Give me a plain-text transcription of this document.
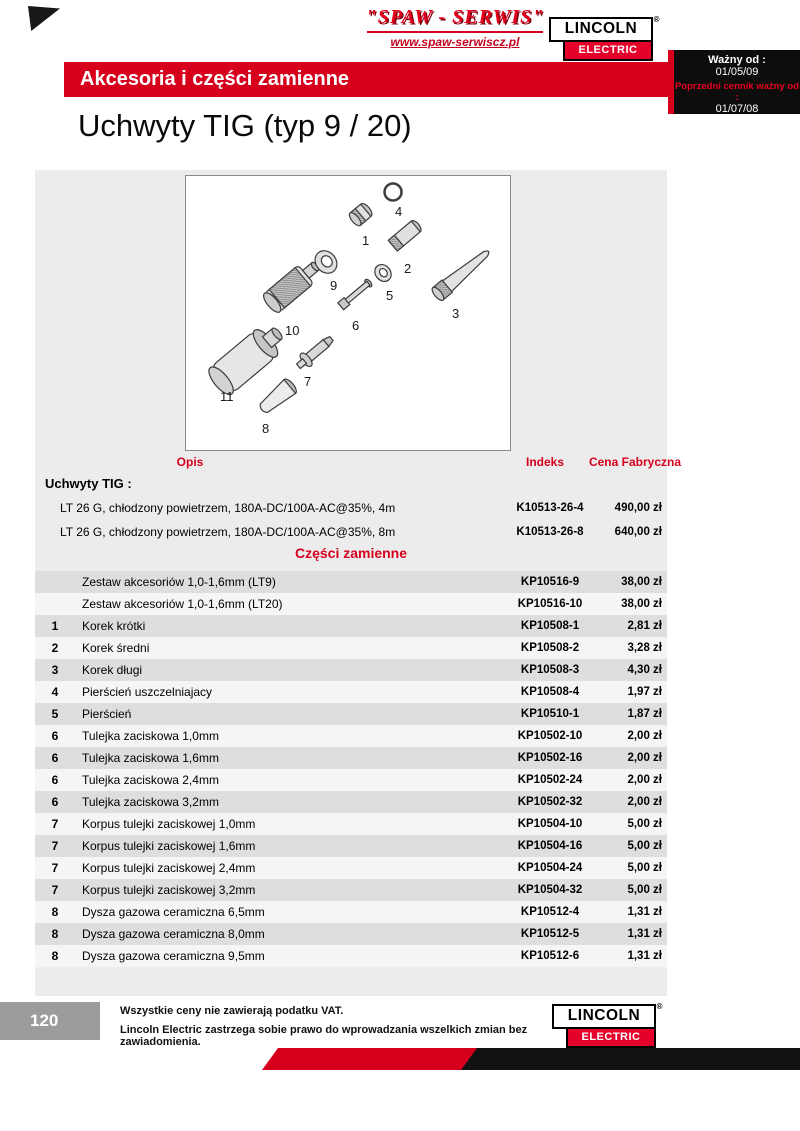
"SPAW - SERWIS"
www.spaw-serwiscz.pl
LINCOLN
®
ELECTRIC
Ważny od :
01/05/09
Poprzedni cennik ważny od :
01/07/08
Akcesoria i części zamienne
Uchwyty TIG (typ 9 / 20)
4
1
2
9
5
3
6
10
7
11
8
Opis	Indeks	Cena Fabryczna
Uchwyty TIG :
LT 26 G, chłodzony powietrzem, 180A-DC/100A-AC@35%, 4m	K10513-26-4	490,00 zł
LT 26 G, chłodzony powietrzem, 180A-DC/100A-AC@35%, 8m	K10513-26-8	640,00 zł
Części zamienne
Zestaw akcesoriów 1,0-1,6mm (LT9)	KP10516-9	38,00 zł
Zestaw akcesoriów 1,0-1,6mm (LT20)	KP10516-10	38,00 zł
1	Korek krótki	KP10508-1	2,81 zł
2	Korek średni	KP10508-2	3,28 zł
3	Korek długi	KP10508-3	4,30 zł
4	Pierścień uszczelniajacy	KP10508-4	1,97 zł
5	Pierścień	KP10510-1	1,87 zł
6	Tulejka zaciskowa 1,0mm	KP10502-10	2,00 zł
6	Tulejka zaciskowa 1,6mm	KP10502-16	2,00 zł
6	Tulejka zaciskowa 2,4mm	KP10502-24	2,00 zł
6	Tulejka zaciskowa 3,2mm	KP10502-32	2,00 zł
7	Korpus tulejki zaciskowej 1,0mm	KP10504-10	5,00 zł
7	Korpus tulejki zaciskowej 1,6mm	KP10504-16	5,00 zł
7	Korpus tulejki zaciskowej 2,4mm	KP10504-24	5,00 zł
7	Korpus tulejki zaciskowej 3,2mm	KP10504-32	5,00 zł
8	Dysza gazowa ceramiczna 6,5mm	KP10512-4	1,31 zł
8	Dysza gazowa ceramiczna 8,0mm	KP10512-5	1,31 zł
8	Dysza gazowa ceramiczna 9,5mm	KP10512-6	1,31 zł
120	Wszystkie ceny nie zawierają podatku VAT.
Lincoln Electric zastrzega sobie prawo do wprowadzania wszelkich zmian bez zawiadomienia.
LINCOLN
®
ELECTRIC
